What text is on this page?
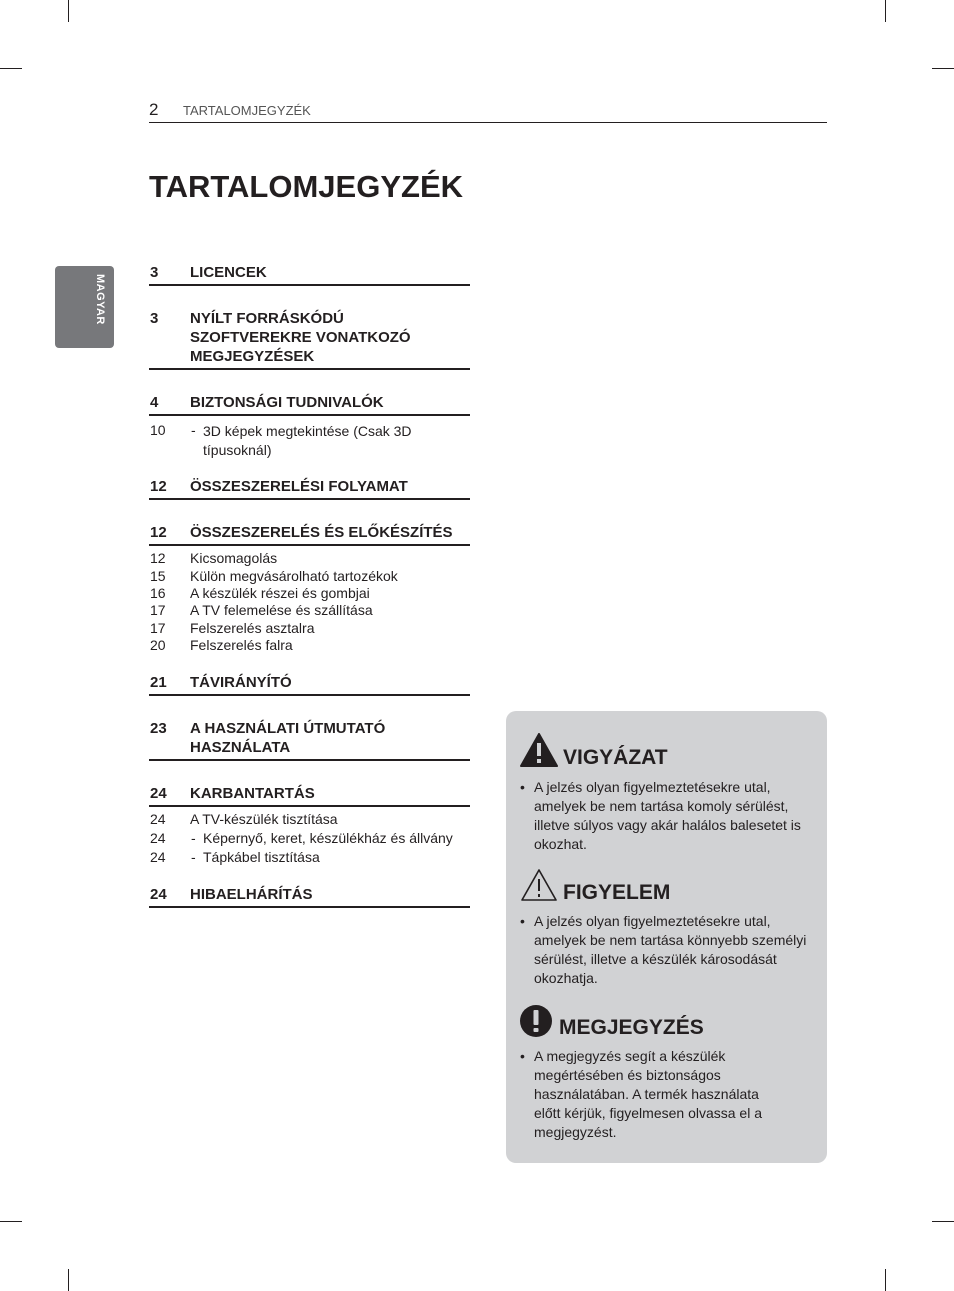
2 TARTALOMJEGYZÉK
MAGYAR
TARTALOMJEGYZÉK
3 LICENCEK
3 NYÍLT FORRÁSKÓDÚ SZOFTVEREKRE VONATKOZÓ MEGJEGYZÉSEK
4 BIZTONSÁGI TUDNIVALÓK
10 - 3D képek megtekintése (Csak 3D típusoknál)
12 ÖSSZESZERELÉSI FOLYAMAT
12 ÖSSZESZERELÉS ÉS ELŐKÉSZÍTÉS
12 Kicsomagolás
15 Külön megvásárolható tartozékok
16 A készülék részei és gombjai
17 A TV felemelése és szállítása
17 Felszerelés asztalra
20 Felszerelés falra
21 TÁVIRÁNYÍTÓ
23 A HASZNÁLATI ÚTMUTATÓ HASZNÁLATA
24 KARBANTARTÁS
24 A TV-készülék tisztítása
24 - Képernyő, keret, készülékház és állvány
24 - Tápkábel tisztítása
24 HIBAELHÁRÍTÁS
VIGYÁZAT
• A jelzés olyan figyelmeztetésekre utal, amelyek be nem tartása komoly sérülést, illetve súlyos vagy akár halálos balesetet is okozhat.
FIGYELEM
• A jelzés olyan figyelmeztetésekre utal, amelyek be nem tartása könnyebb személyi sérülést, illetve a készülék károsodását okozhatja.
MEGJEGYZÉS
• A megjegyzés segít a készülék megértésében és biztonságos használatában. A termék használata előtt kérjük, figyelmesen olvassa el a megjegyzést.
